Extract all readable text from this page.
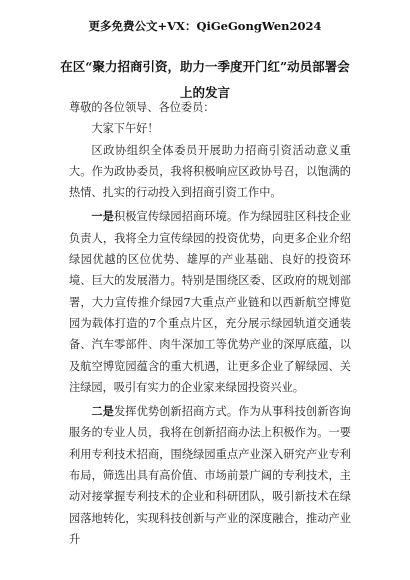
更多免费公文+VX：QiGeGongWen2024
在区“聚力招商引资，助力一季度开门红”动员部署会上的发言

尊敬的各位领导、各位委员：

大家下午好！

区政协组织全体委员开展助力招商引资活动意义重大。作为政协委员，我将积极响应区政协号召，以饱满的热情、扎实的行动投入到招商引资工作中。

一是积极宣传绿园招商环境。作为绿园驻区科技企业负责人，我将全力宣传绿园的投资优势，向更多企业介绍绿园优越的区位优势、雄厚的产业基础、良好的投资环境、巨大的发展潜力。特别是围绕区委、区政府的规划部署，大力宣传推介绿园7大重点产业链和以西新航空博览园为载体打造的7个重点片区，充分展示绿园轨道交通装备、汽车零部件、肉牛深加工等优势产业的深厚底蕴，以及航空博览园蕴含的重大机遇，让更多企业了解绿园、关注绿园，吸引有实力的企业家来绿园投资兴业。

二是发挥优势创新招商方式。作为从事科技创新咨询服务的专业人员，我将在创新招商办法上积极作为。一要利用专利技术招商，围绕绿园重点产业深入研究产业专利布局，筛选出具有高价值、市场前景广阔的专利技术，主动对接掌握专利技术的企业和科研团队，吸引新技术在绿园落地转化，实现科技创新与产业的深度融合，推动产业升
